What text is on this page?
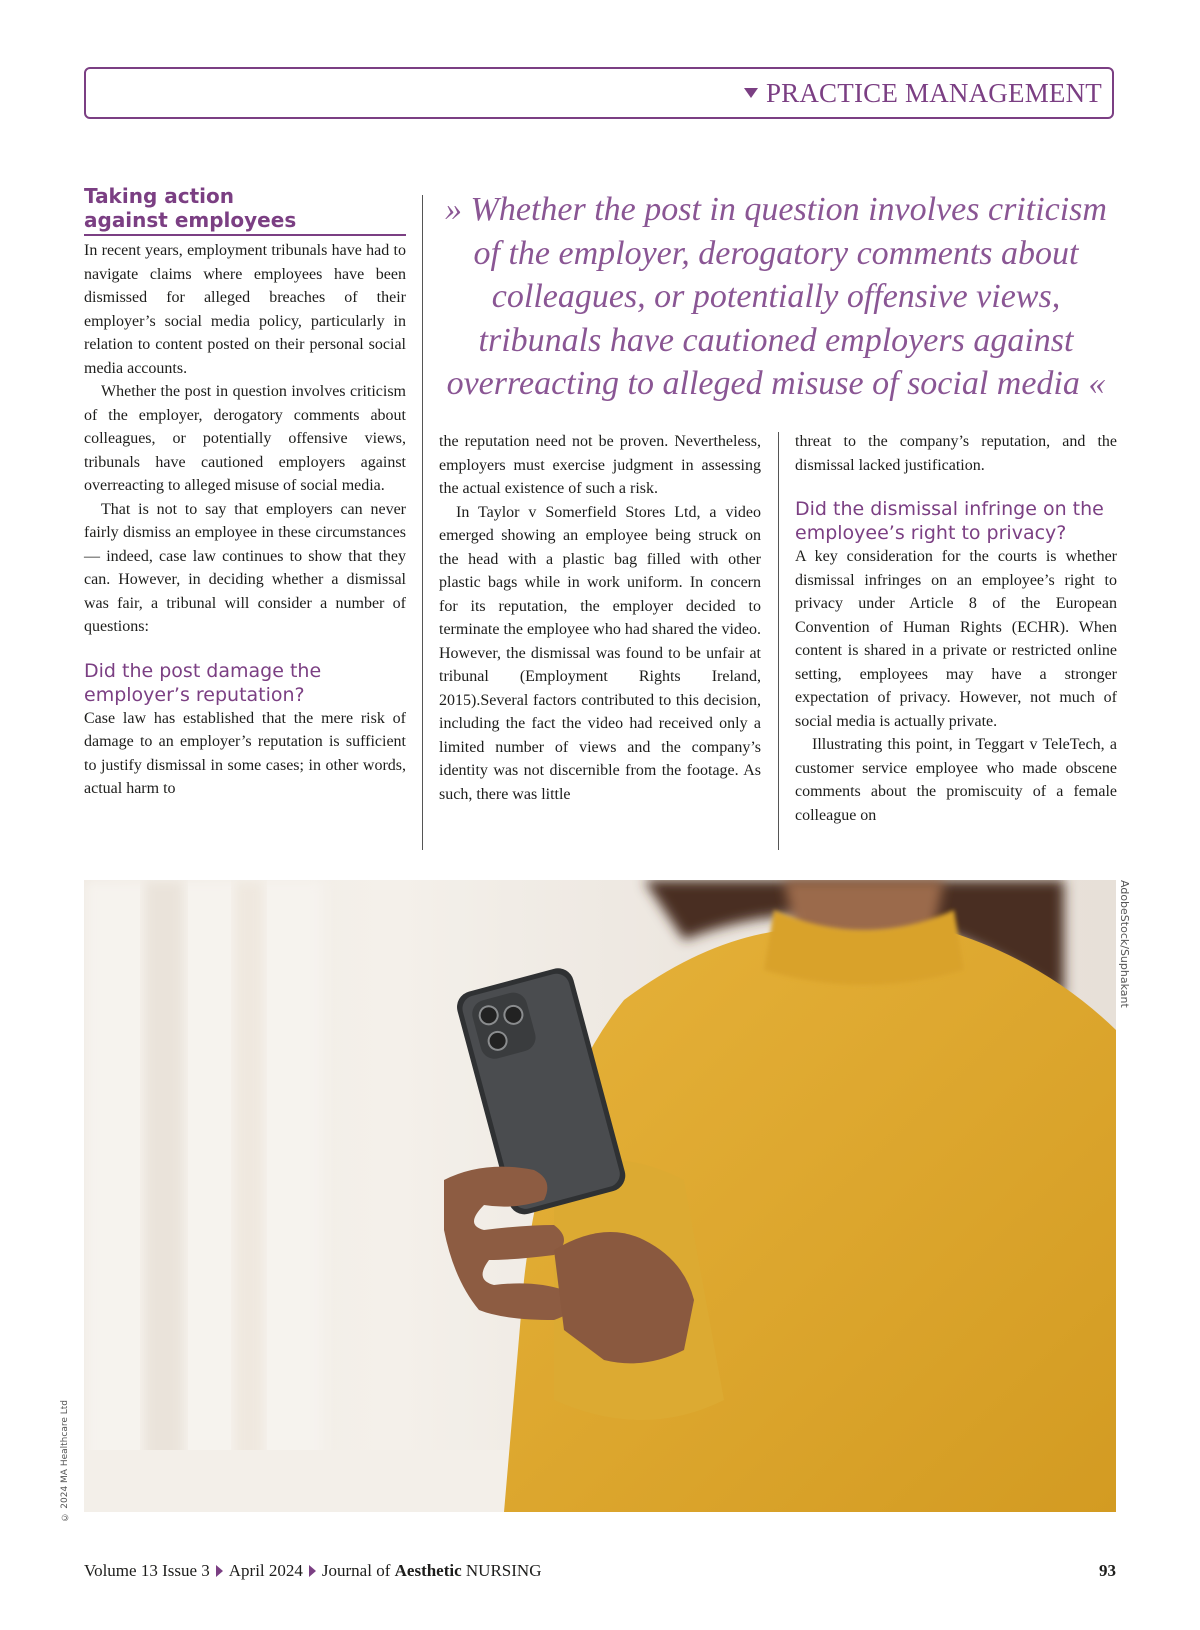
PRACTICE MANAGEMENT
Taking action
against employees

In recent years, employment tribunals have had to navigate claims where employees have been dismissed for alleged breaches of their employer’s social media policy, particularly in relation to content posted on their personal social media accounts.

Whether the post in question involves criticism of the employer, derogatory comments about colleagues, or potentially offensive views, tribunals have cautioned employers against overreacting to alleged misuse of social media.

That is not to say that employers can never fairly dismiss an employee in these circumstances — indeed, case law continues to show that they can. However, in deciding whether a dismissal was fair, a tribunal will consider a number of questions:

Did the post damage the
employer’s reputation?

Case law has established that the mere risk of damage to an employer’s reputation is sufficient to justify dismissal in some cases; in other words, actual harm to

» Whether the post in question involves criticism of the employer, derogatory comments about colleagues, or potentially offensive views, tribunals have cautioned employers against overreacting to alleged misuse of social media «

the reputation need not be proven. Nevertheless, employers must exercise judgment in assessing the actual existence of such a risk.

In Taylor v Somerfield Stores Ltd, a video emerged showing an employee being struck on the head with a plastic bag filled with other plastic bags while in work uniform. In concern for its reputation, the employer decided to terminate the employee who had shared the video. However, the dismissal was found to be unfair at tribunal (Employment Rights Ireland, 2015).Several factors contributed to this decision, including the fact the video had received only a limited number of views and the company’s identity was not discernible from the footage. As such, there was little

threat to the company’s reputation, and the dismissal lacked justification.

Did the dismissal infringe on the
employee’s right to privacy?

A key consideration for the courts is whether dismissal infringes on an employee’s right to privacy under Article 8 of the European Convention of Human Rights (ECHR). When content is shared in a private or restricted online setting, employees may have a stronger expectation of privacy. However, not much of social media is actually private.

Illustrating this point, in Teggart v TeleTech, a customer service employee who made obscene comments about the promiscuity of a female colleague on

AdobeStock/Suphakant
© 2024 MA Healthcare Ltd
Volume 13 Issue 3 April 2024 Journal of Aesthetic NURSING	93
